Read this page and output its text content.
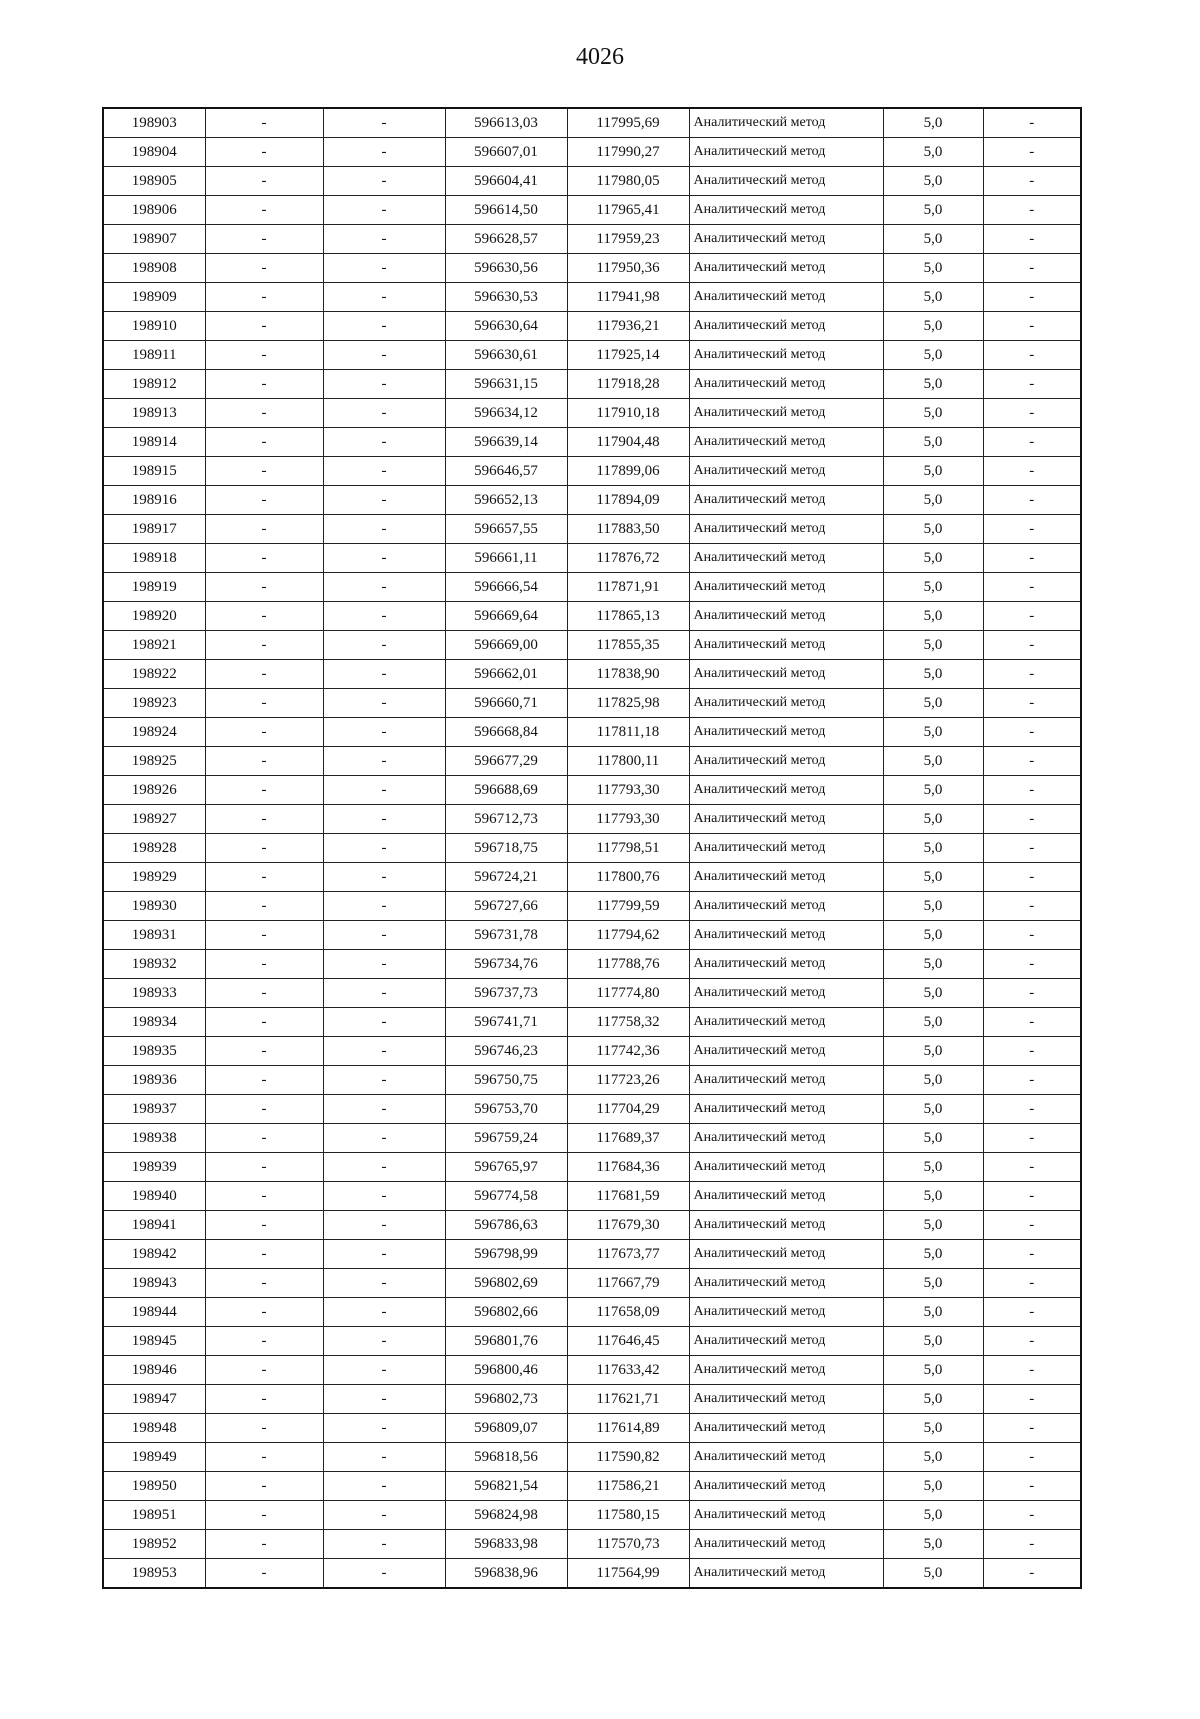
4026
198903	-	-	596613,03	117995,69	Аналитический метод	5,0	-
198904	-	-	596607,01	117990,27	Аналитический метод	5,0	-
198905	-	-	596604,41	117980,05	Аналитический метод	5,0	-
198906	-	-	596614,50	117965,41	Аналитический метод	5,0	-
198907	-	-	596628,57	117959,23	Аналитический метод	5,0	-
198908	-	-	596630,56	117950,36	Аналитический метод	5,0	-
198909	-	-	596630,53	117941,98	Аналитический метод	5,0	-
198910	-	-	596630,64	117936,21	Аналитический метод	5,0	-
198911	-	-	596630,61	117925,14	Аналитический метод	5,0	-
198912	-	-	596631,15	117918,28	Аналитический метод	5,0	-
198913	-	-	596634,12	117910,18	Аналитический метод	5,0	-
198914	-	-	596639,14	117904,48	Аналитический метод	5,0	-
198915	-	-	596646,57	117899,06	Аналитический метод	5,0	-
198916	-	-	596652,13	117894,09	Аналитический метод	5,0	-
198917	-	-	596657,55	117883,50	Аналитический метод	5,0	-
198918	-	-	596661,11	117876,72	Аналитический метод	5,0	-
198919	-	-	596666,54	117871,91	Аналитический метод	5,0	-
198920	-	-	596669,64	117865,13	Аналитический метод	5,0	-
198921	-	-	596669,00	117855,35	Аналитический метод	5,0	-
198922	-	-	596662,01	117838,90	Аналитический метод	5,0	-
198923	-	-	596660,71	117825,98	Аналитический метод	5,0	-
198924	-	-	596668,84	117811,18	Аналитический метод	5,0	-
198925	-	-	596677,29	117800,11	Аналитический метод	5,0	-
198926	-	-	596688,69	117793,30	Аналитический метод	5,0	-
198927	-	-	596712,73	117793,30	Аналитический метод	5,0	-
198928	-	-	596718,75	117798,51	Аналитический метод	5,0	-
198929	-	-	596724,21	117800,76	Аналитический метод	5,0	-
198930	-	-	596727,66	117799,59	Аналитический метод	5,0	-
198931	-	-	596731,78	117794,62	Аналитический метод	5,0	-
198932	-	-	596734,76	117788,76	Аналитический метод	5,0	-
198933	-	-	596737,73	117774,80	Аналитический метод	5,0	-
198934	-	-	596741,71	117758,32	Аналитический метод	5,0	-
198935	-	-	596746,23	117742,36	Аналитический метод	5,0	-
198936	-	-	596750,75	117723,26	Аналитический метод	5,0	-
198937	-	-	596753,70	117704,29	Аналитический метод	5,0	-
198938	-	-	596759,24	117689,37	Аналитический метод	5,0	-
198939	-	-	596765,97	117684,36	Аналитический метод	5,0	-
198940	-	-	596774,58	117681,59	Аналитический метод	5,0	-
198941	-	-	596786,63	117679,30	Аналитический метод	5,0	-
198942	-	-	596798,99	117673,77	Аналитический метод	5,0	-
198943	-	-	596802,69	117667,79	Аналитический метод	5,0	-
198944	-	-	596802,66	117658,09	Аналитический метод	5,0	-
198945	-	-	596801,76	117646,45	Аналитический метод	5,0	-
198946	-	-	596800,46	117633,42	Аналитический метод	5,0	-
198947	-	-	596802,73	117621,71	Аналитический метод	5,0	-
198948	-	-	596809,07	117614,89	Аналитический метод	5,0	-
198949	-	-	596818,56	117590,82	Аналитический метод	5,0	-
198950	-	-	596821,54	117586,21	Аналитический метод	5,0	-
198951	-	-	596824,98	117580,15	Аналитический метод	5,0	-
198952	-	-	596833,98	117570,73	Аналитический метод	5,0	-
198953	-	-	596838,96	117564,99	Аналитический метод	5,0	-
